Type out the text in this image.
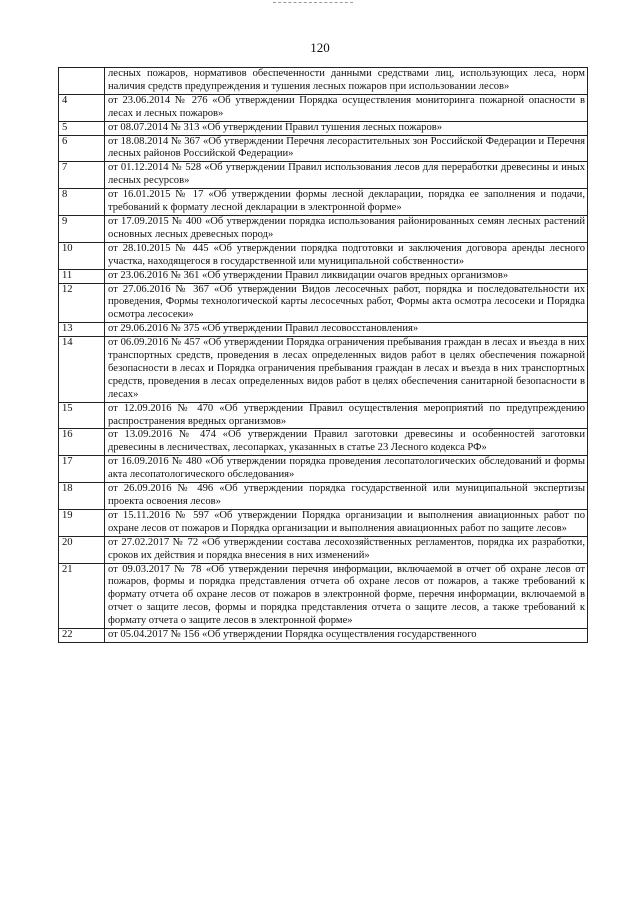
120
	лесных пожаров, нормативов обеспеченности данными средствами лиц, использующих леса, норм наличия средств предупреждения и тушения лесных пожаров при использовании лесов»
4	от 23.06.2014 № 276 «Об утверждении Порядка осуществления мониторинга пожарной опасности в лесах и лесных пожаров»
5	от 08.07.2014 № 313 «Об утверждении Правил тушения лесных пожаров»
6	от 18.08.2014 № 367 «Об утверждении Перечня лесорастительных зон Российской Федерации и Перечня лесных районов Российской Федерации»
7	от 01.12.2014 № 528 «Об утверждении Правил использования лесов для переработки древесины и иных лесных ресурсов»
8	от 16.01.2015 № 17 «Об утверждении формы лесной декларации, порядка ее заполнения и подачи, требований к формату лесной декларации в электронной форме»
9	от 17.09.2015 № 400 «Об утверждении порядка использования районированных семян лесных растений основных лесных древесных пород»
10	от 28.10.2015 № 445 «Об утверждении порядка подготовки и заключения договора аренды лесного участка, находящегося в государственной или муниципальной собственности»
11	от 23.06.2016 № 361 «Об утверждении Правил ликвидации очагов вредных организмов»
12	от 27.06.2016 № 367 «Об утверждении Видов лесосечных работ, порядка и последовательности их проведения, Формы технологической карты лесосечных работ, Формы акта осмотра лесосеки и Порядка осмотра лесосеки»
13	от 29.06.2016 № 375 «Об утверждении Правил лесовосстановления»
14	от 06.09.2016 № 457 «Об утверждении Порядка ограничения пребывания граждан в лесах и въезда в них транспортных средств, проведения в лесах определенных видов работ в целях обеспечения пожарной безопасности в лесах и Порядка ограничения пребывания граждан в лесах и въезда в них транспортных средств, проведения в лесах определенных видов работ в целях обеспечения санитарной безопасности в лесах»
15	от 12.09.2016 № 470 «Об утверждении Правил осуществления мероприятий по предупреждению распространения вредных организмов»
16	от 13.09.2016 № 474 «Об утверждении Правил заготовки древесины и особенностей заготовки древесины в лесничествах, лесопарках, указанных в статье 23 Лесного кодекса РФ»
17	от 16.09.2016 № 480 «Об утверждении порядка проведения лесопатологических обследований и формы акта лесопатологического обследования»
18	от 26.09.2016 № 496 «Об утверждении порядка государственной или муниципальной экспертизы проекта освоения лесов»
19	от 15.11.2016 № 597 «Об утверждении Порядка организации и выполнения авиационных работ по охране лесов от пожаров и Порядка организации и выполнения авиационных работ по защите лесов»
20	от 27.02.2017 № 72 «Об утверждении состава лесохозяйственных регламентов, порядка их разработки, сроков их действия и порядка внесения в них изменений»
21	от 09.03.2017 № 78 «Об утверждении перечня информации, включаемой в отчет об охране лесов от пожаров, формы и порядка представления отчета об охране лесов от пожаров, а также требований к формату отчета об охране лесов от пожаров в электронной форме, перечня информации, включаемой в отчет о защите лесов, формы и порядка представления отчета о защите лесов, а также требований к формату отчета о защите лесов в электронной форме»
22	от 05.04.2017 № 156 «Об утверждении Порядка осуществления государственного
